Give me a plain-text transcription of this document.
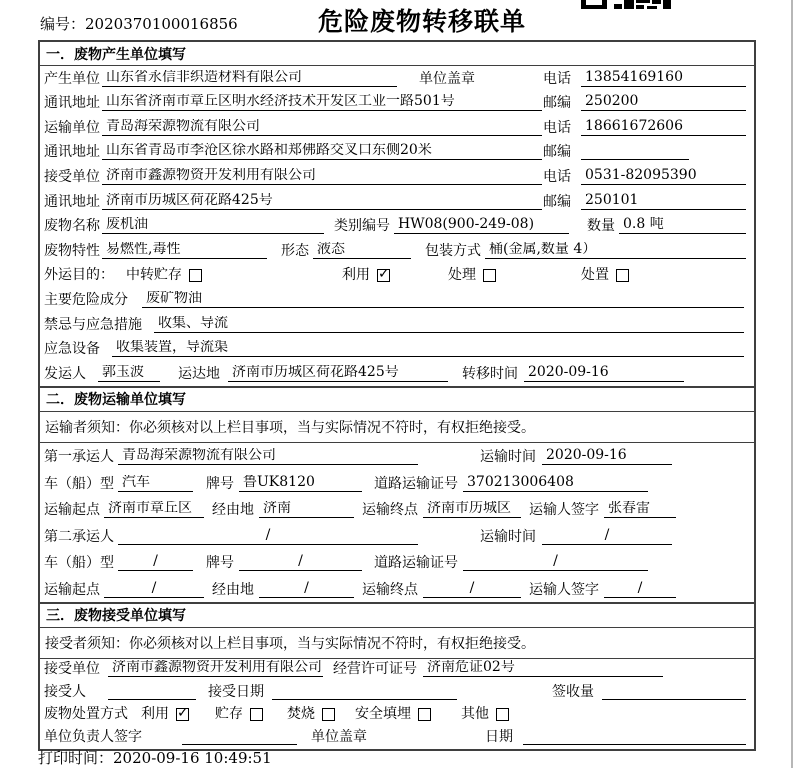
编号：2020370100016856	危险废物转移联单
一．废物产生单位填写
产生单位 山东省永信非织造材料有限公司	单位盖章	电话 13854169160
通讯地址 山东省济南市章丘区明水经济技术开发区工业一路501号	邮编 250200
运输单位 青岛海荣源物流有限公司	电话 18661672606
通讯地址 山东省青岛市李沧区徐水路和郑佛路交叉口东侧20米	邮编
接受单位 济南市鑫源物资开发利用有限公司	电话 0531-82095390
通讯地址 济南市历城区荷花路425号	邮编 250101
废物名称 废机油	类别编号 HW08(900-249-08)	数量 0.8 吨
废物特性 易燃性,毒性	形态 液态	包装方式 桶(金属,数量 4）
外运目的： 中转贮存	利用 ✓	处理	处置
主要危险成分 废矿物油
禁忌与应急措施 收集、导流
应急设备 收集装置，导流渠
发运人 郭玉波	运达地 济南市历城区荷花路425号	转移时间 2020-09-16
二．废物运输单位填写
运输者须知：你必须核对以上栏目事项，当与实际情况不符时，有权拒绝接受。
第一承运人 青岛海荣源物流有限公司	运输时间 2020-09-16
车（船）型 汽车	牌号 鲁UK8120	道路运输证号 370213006408
运输起点 济南市章丘区	经由地 济南	运输终点 济南市历城区	运输人签字 张春雷
第二承运人	/	运输时间	/
车（船）型	/	牌号	/	道路运输证号	/
运输起点	/	经由地	/	运输终点	/	运输人签字	/
三．废物接受单位填写
接受者须知：你必须核对以上栏目事项，当与实际情况不符时，有权拒绝接受。
接受单位 济南市鑫源物资开发利用有限公司 经营许可证号 济南危证02号
接受人	接受日期	签收量
废物处置方式 利用 ✓	贮存	焚烧	安全填埋	其他
单位负责人签字	单位盖章	日期
打印时间：2020-09-16 10:49:51
